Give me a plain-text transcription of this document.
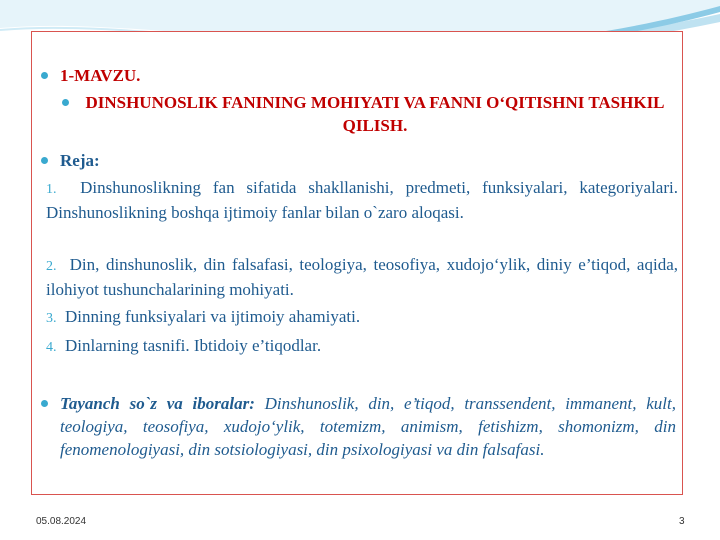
1-MAVZU.
DINSHUNOSLIK FANINING MOHIYATI VA FANNI O‘QITISHNI TASHKIL QILISH.
Reja:
1. Dinshunoslikning fan sifatida shakllanishi, predmeti, funksiyalari, kategoriyalari. Dinshunoslikning boshqa ijtimoiy fanlar bilan o`zaro aloqasi.
2. Din, dinshunoslik, din falsafasi, teologiya, teosofiya, xudojo‘ylik, diniy e’tiqod, aqida, ilohiyot tushunchalarining mohiyati.
3. Dinning funksiyalari va ijtimoiy ahamiyati.
4. Dinlarning tasnifi. Ibtidoiy e’tiqodlar.
Tayanch so`z va iboralar: Dinshunoslik, din, e’tiqod, transsendent, immanent, kult, teologiya, teosofiya, xudojo‘ylik, totemizm, animism, fetishizm, shomonizm, din fenomenologiyasi, din sotsiologiyasi, din psixologiyasi va din falsafasi.
05.08.2024	3
